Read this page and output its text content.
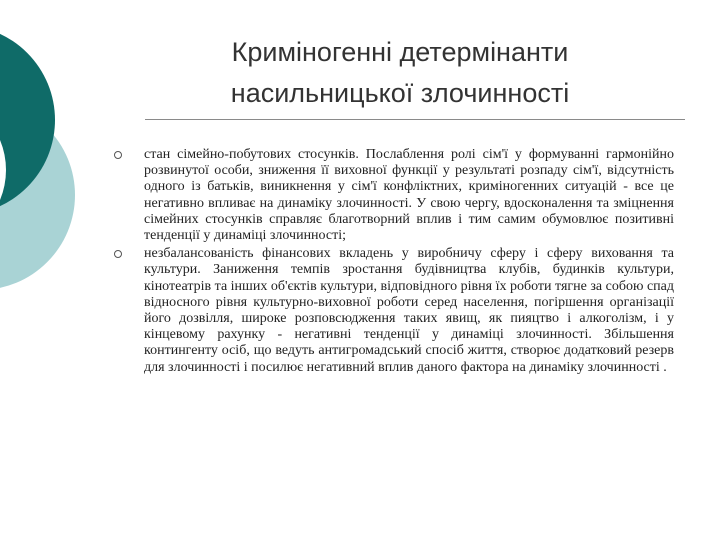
Криміногенні детермінанти
насильницької злочинності

стан сімейно-побутових стосунків. Послаблення ролі сім'ї у формуванні гармонійно розвинутої особи, зниження її виховної функції у результаті розпаду сім'ї, відсутність одного із батьків, виникнення у сім'ї конфліктних, криміногенних ситуацій - все це негативно впливає на динаміку злочинності. У свою чергу, вдосконалення та зміцнення сімейних стосунків справляє благотворний вплив і тим самим обумовлює позитивні тенденції у динаміці злочинності;

незбалансованість фінансових вкладень у виробничу сферу і сферу виховання та культури. Заниження темпів зростання будівництва клубів, будинків культури, кінотеатрів та інших об'єктів культури, відповідного рівня їх роботи тягне за собою спад відносного рівня культурно-виховної роботи серед населення, погіршення організації його дозвілля, широке розповсюдження таких явищ, як пияцтво і алкоголізм, і у кінцевому рахунку - негативні тенденції у динаміці злочинності. Збільшення контингенту осіб, що ведуть антигромадський спосіб життя, створює додатковий резерв для злочинності і посилює негативний вплив даного фактора на динаміку злочинності .
